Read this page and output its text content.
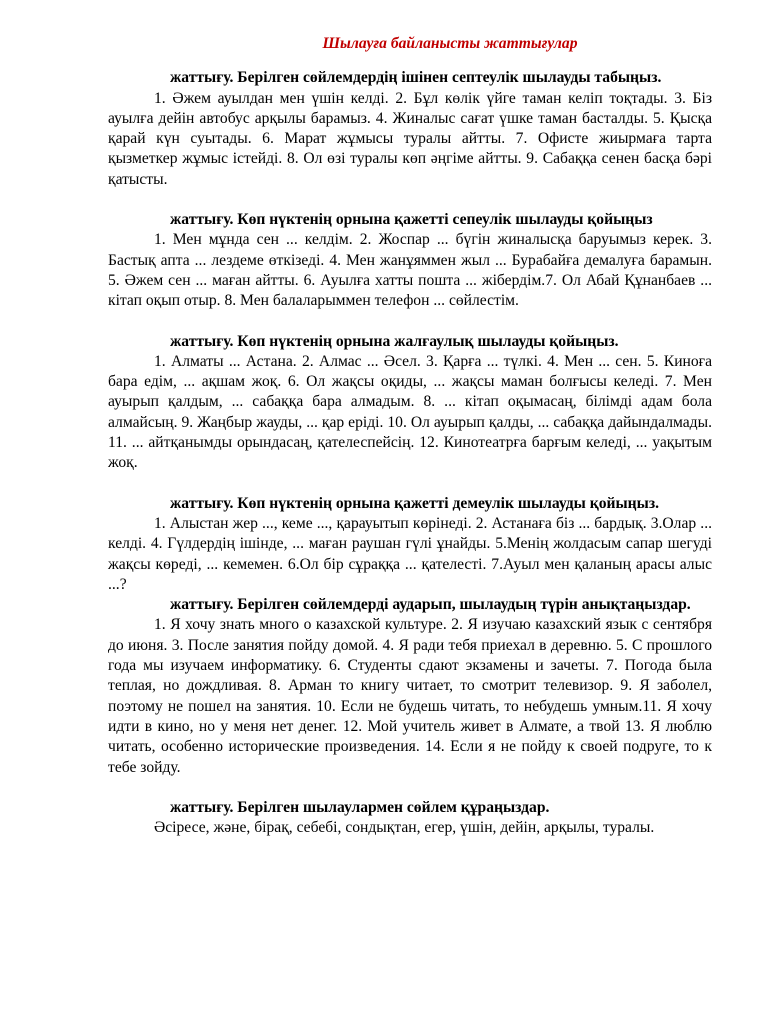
Шылауға байланысты жаттығулар

жаттығу. Берілген сөйлемдердің ішінен септеулік шылауды табыңыз.

1. Әжем ауылдан мен үшін келді. 2. Бұл көлік үйге таман келіп тоқтады. 3. Біз ауылға дейін автобус арқылы барамыз. 4. Жиналыс сағат үшке таман басталды. 5. Қысқа қарай күн суытады. 6. Марат жұмысы туралы айтты. 7. Офисте жиырмаға тарта қызметкер жұмыс істейді. 8. Ол өзі туралы көп әңгіме айтты. 9. Сабаққа сенен басқа бәрі қатысты.

жаттығу. Көп нүктенің орнына қажетті сепеулік шылауды қойыңыз

1. Мен мұнда сен ... келдім. 2. Жоспар ... бүгін жиналысқа баруымыз керек. 3. Бастық апта ... лездеме өткізеді. 4. Мен жанұяммен жыл ... Бурабайға демалуға барамын. 5. Әжем сен ... маған айтты. 6. Ауылға хатты пошта ... жібердім.7. Ол Абай Құнанбаев ... кітап оқып отыр. 8. Мен балаларыммен телефон ... сөйлестім.

жаттығу. Көп нүктенің орнына жалғаулық шылауды қойыңыз.

1. Алматы ... Астана. 2. Алмас ... Әсел. 3. Қарға ... түлкі. 4. Мен ... сен. 5. Киноға бара едім, ... ақшам жоқ. 6. Ол жақсы оқиды, ... жақсы маман болғысы келеді. 7. Мен ауырып қалдым, ... сабаққа бара алмадым. 8. ... кітап оқымасаң, білімді адам бола алмайсың. 9. Жаңбыр жауды, ... қар еріді. 10. Ол ауырып қалды, ... сабаққа дайындалмады. 11. ... айтқанымды орындасаң, қателеспейсің. 12. Кинотеатрға барғым келеді, ... уақытым жоқ.

жаттығу. Көп нүктенің орнына қажетті демеулік шылауды қойыңыз.

1. Алыстан жер ..., кеме ..., қарауытып көрінеді. 2. Астанаға біз ... бардық. 3.Олар ... келді. 4. Гүлдердің ішінде, ... маған раушан гүлі ұнайды. 5.Менің жолдасым сапар шегуді жақсы көреді, ... кемемен. 6.Ол бір сұраққа ... қателесті. 7.Ауыл мен қаланың арасы алыс ...?

жаттығу. Берілген сөйлемдерді аударып, шылаудың түрін анықтаңыздар.

1. Я хочу знать много о казахской культуре. 2. Я изучаю казахский язык с сентября до июня. 3. После занятия пойду домой. 4. Я ради тебя приехал в деревню. 5. С прошлого года мы изучаем информатику. 6. Студенты сдают экзамены и зачеты. 7. Погода была теплая, но дождливая. 8. Арман то книгу читает, то смотрит телевизор. 9. Я заболел, поэтому не пошел на занятия. 10. Если не будешь читать, то небудешь умным.11. Я хочу идти в кино, но у меня нет денег. 12. Мой учитель живет в Алмате, а твой 13. Я люблю читать, особенно исторические произведения. 14. Если я не пойду к своей подруге, то к тебе зойду.

жаттығу. Берілген шылаулармен сөйлем құраңыздар.

Әсіресе, және, бірақ, себебі, сондықтан, егер, үшін, дейін, арқылы, туралы.
